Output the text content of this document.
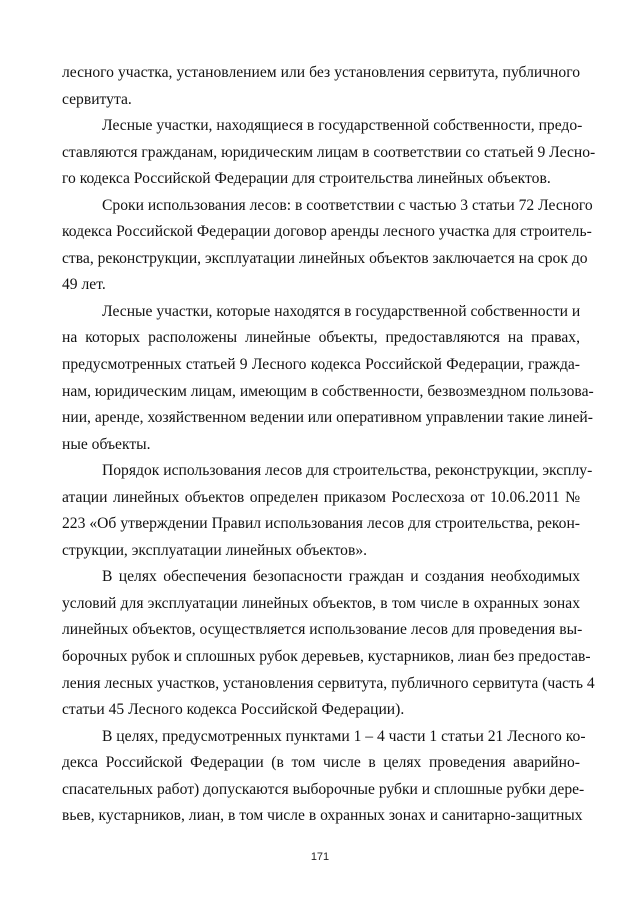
лесного участка, установлением или без установления сервитута, публичного
сервитута.
Лесные участки, находящиеся в государственной собственности, предо-
ставляются гражданам, юридическим лицам в соответствии со статьей 9 Лесно-
го кодекса Российской Федерации для строительства линейных объектов.
Сроки использования лесов: в соответствии с частью 3 статьи 72 Лесного
кодекса Российской Федерации договор аренды лесного участка для строитель-
ства, реконструкции, эксплуатации линейных объектов заключается на срок до
49 лет.
Лесные участки, которые находятся в государственной собственности и
на которых расположены линейные объекты, предоставляются на правах,
предусмотренных статьей 9 Лесного кодекса Российской Федерации, гражда-
нам, юридическим лицам, имеющим в собственности, безвозмездном пользова-
нии, аренде, хозяйственном ведении или оперативном управлении такие линей-
ные объекты.
Порядок использования лесов для строительства, реконструкции, эксплу-
атации линейных объектов определен приказом Рослесхоза от 10.06.2011 №
223 «Об утверждении Правил использования лесов для строительства, рекон-
струкции, эксплуатации линейных объектов».
В целях обеспечения безопасности граждан и создания необходимых
условий для эксплуатации линейных объектов, в том числе в охранных зонах
линейных объектов, осуществляется использование лесов для проведения вы-
борочных рубок и сплошных рубок деревьев, кустарников, лиан без предостав-
ления лесных участков, установления сервитута, публичного сервитута (часть 4
статьи 45 Лесного кодекса Российской Федерации).
В целях, предусмотренных пунктами 1 – 4 части 1 статьи 21 Лесного ко-
декса Российской Федерации (в том числе в целях проведения аварийно-
спасательных работ) допускаются выборочные рубки и сплошные рубки дере-
вьев, кустарников, лиан, в том числе в охранных зонах и санитарно-защитных
171
